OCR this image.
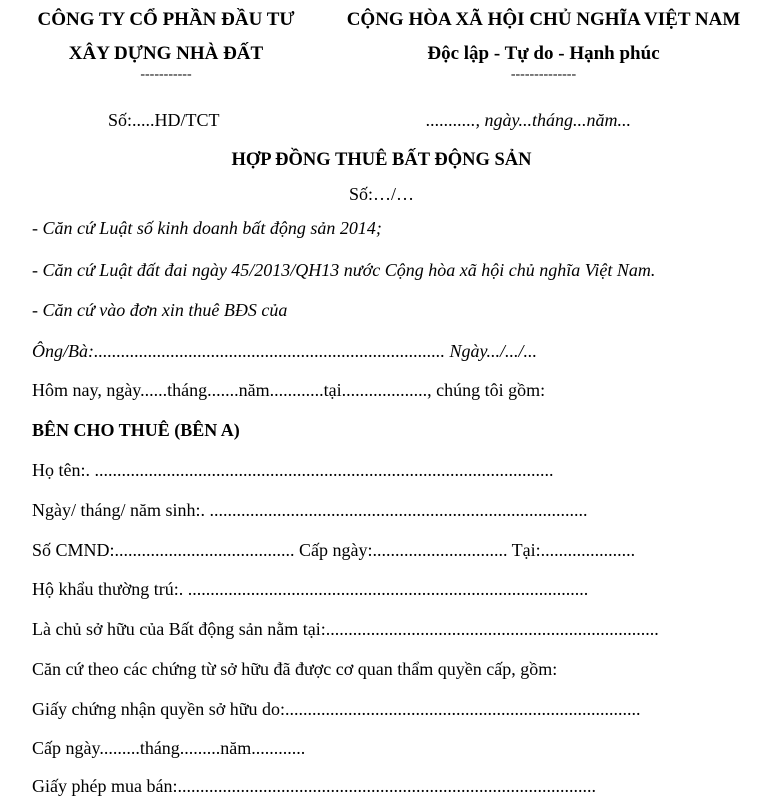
CÔNG TY CỔ PHẦN ĐẦU TƯ
XÂY DỰNG NHÀ ĐẤT
-----------
CỘNG HÒA XÃ HỘI CHỦ NGHĨA VIỆT NAM
Độc lập - Tự do - Hạnh phúc
--------------
Số:.....HD/TCT	..........., ngày...tháng...năm...
HỢP ĐỒNG THUÊ BẤT ĐỘNG SẢN
Số:…/…
- Căn cứ Luật số kinh doanh bất động sản 2014;
- Căn cứ Luật đất đai ngày 45/2013/QH13 nước Cộng hòa xã hội chủ nghĩa Việt Nam.
- Căn cứ vào đơn xin thuê BĐS của
Ông/Bà:.............................................................................. Ngày.../.../...
Hôm nay, ngày......tháng.......năm............tại..................., chúng tôi gồm:
BÊN CHO THUÊ (BÊN A)
Họ tên:. ......................................................................................................
Ngày/ tháng/ năm sinh:. ....................................................................................
Số CMND:........................................ Cấp ngày:.............................. Tại:.....................
Hộ khẩu thường trú:. .........................................................................................
Là chủ sở hữu của Bất động sản nằm tại:..........................................................................
Căn cứ theo các chứng từ sở hữu đã được cơ quan thẩm quyền cấp, gồm:
Giấy chứng nhận quyền sở hữu do:...............................................................................
Cấp ngày.........tháng.........năm............
Giấy phép mua bán:.............................................................................................
